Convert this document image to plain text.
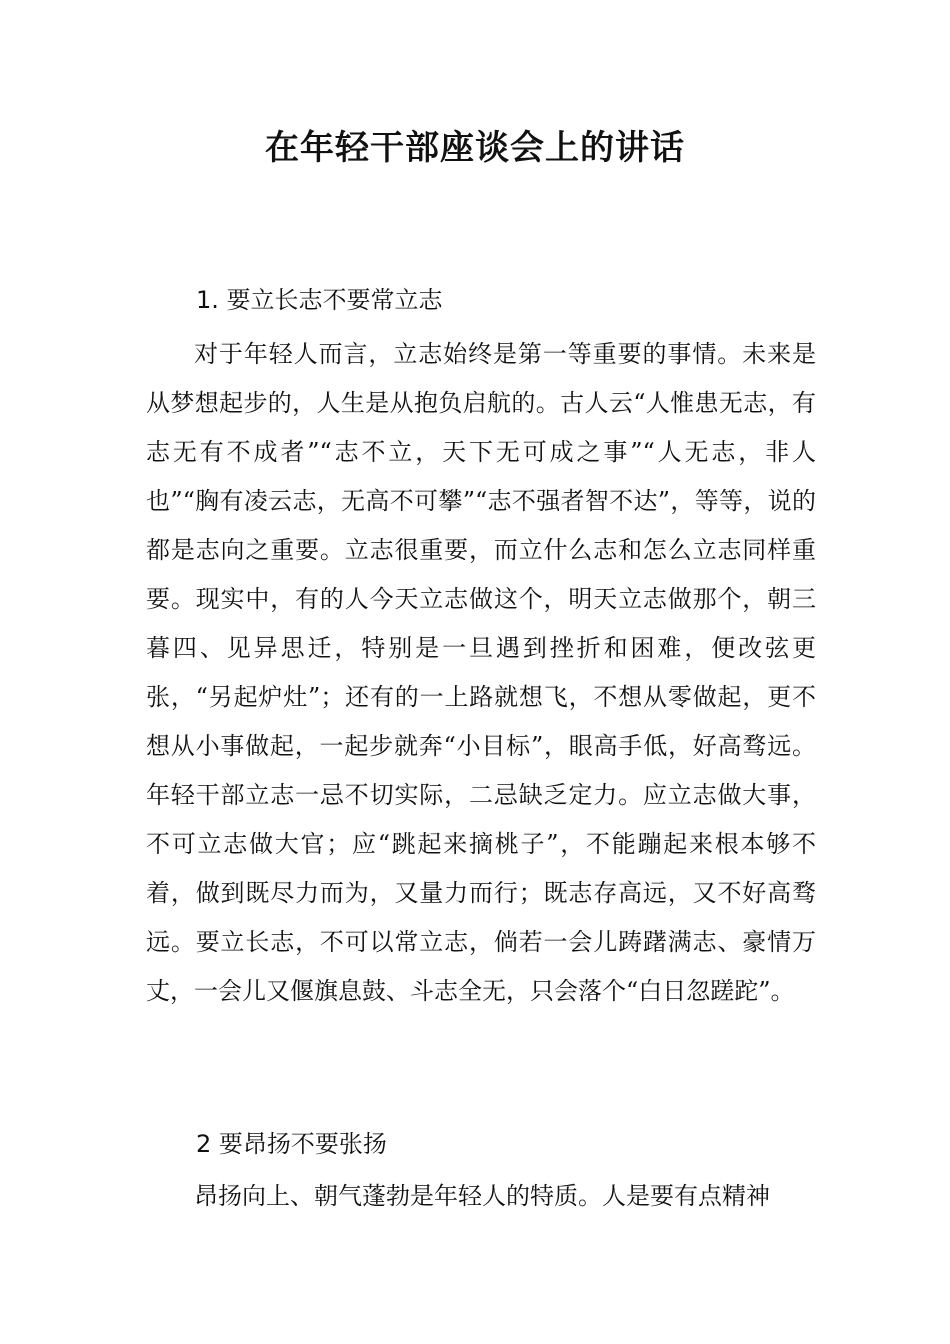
在年轻干部座谈会上的讲话
1. 要立长志不要常立志
对于年轻人而言，立志始终是第一等重要的事情。未来是从梦想起步的，人生是从抱负启航的。古人云“人惟患无志，有志无有不成者”“志不立，天下无可成之事”“人无志，非人也”“胸有凌云志，无高不可攀”“志不强者智不达”，等等，说的都是志向之重要。立志很重要，而立什么志和怎么立志同样重要。现实中，有的人今天立志做这个，明天立志做那个，朝三暮四、见异思迁，特别是一旦遇到挫折和困难，便改弦更张，“另起炉灶”；还有的一上路就想飞，不想从零做起，更不想从小事做起，一起步就奔“小目标”，眼高手低，好高骛远。年轻干部立志一忌不切实际，二忌缺乏定力。应立志做大事，不可立志做大官；应“跳起来摘桃子”，不能蹦起来根本够不着，做到既尽力而为，又量力而行；既志存高远，又不好高骛远。要立长志，不可以常立志，倘若一会儿踌躇满志、豪情万丈，一会儿又偃旗息鼓、斗志全无，只会落个“白日忽蹉跎”。
2 要昂扬不要张扬
昂扬向上、朝气蓬勃是年轻人的特质。人是要有点精神
